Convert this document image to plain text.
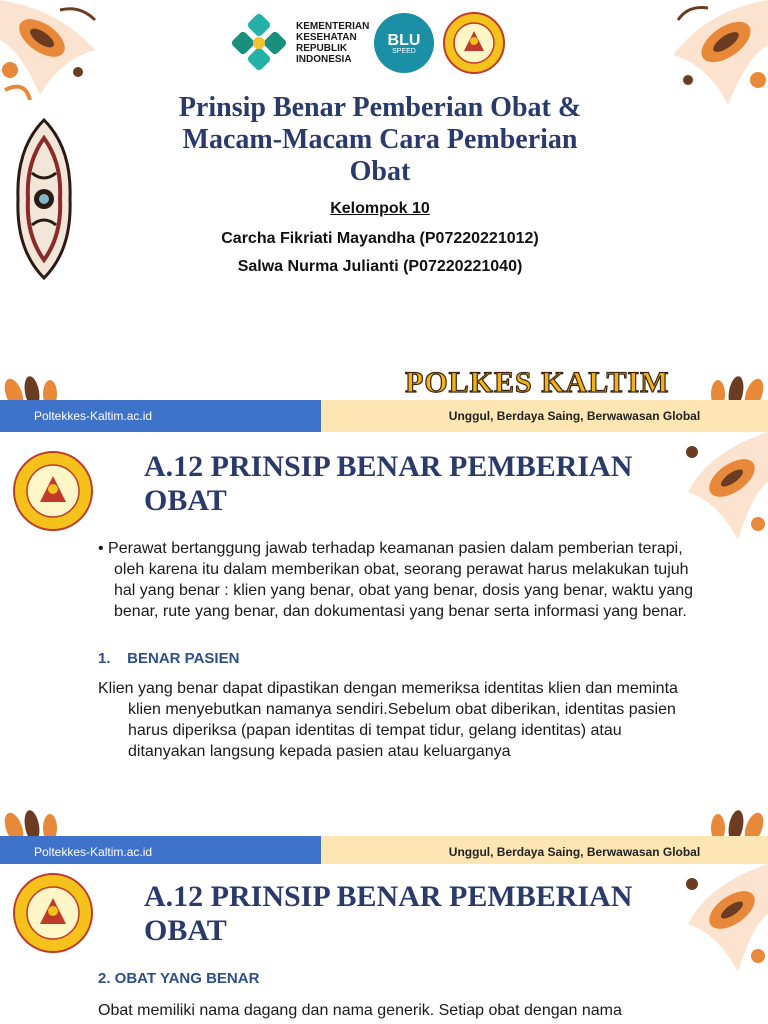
KEMENTERIAN
KESEHATAN
REPUBLIK
INDONESIA
BLU
SPEED
Prinsip Benar Pemberian Obat &
Macam-Macam Cara Pemberian
Obat
Kelompok 10
Carcha Fikriati Mayandha (P07220221012)
Salwa Nurma Julianti (P07220221040)
POLKES KALTIM
Poltekkes-Kaltim.ac.id	Unggul, Berdaya Saing, Berwawasan Global
A.12 PRINSIP BENAR PEMBERIAN
OBAT

• Perawat bertanggung jawab terhadap keamanan pasien dalam pemberian terapi, oleh karena itu dalam memberikan obat, seorang perawat harus melakukan tujuh hal yang benar : klien yang benar, obat yang benar, dosis yang benar, waktu yang benar, rute yang benar, dan dokumentasi yang benar serta informasi yang benar.

1.    BENAR PASIEN

Klien yang benar dapat dipastikan dengan memeriksa identitas klien dan meminta klien menyebutkan namanya sendiri.Sebelum obat diberikan, identitas pasien harus diperiksa (papan identitas di tempat tidur, gelang identitas) atau ditanyakan langsung kepada pasien atau keluarganya

Poltekkes-Kaltim.ac.id	Unggul, Berdaya Saing, Berwawasan Global
A.12 PRINSIP BENAR PEMBERIAN
OBAT
2. OBAT YANG BENAR

Obat memiliki nama dagang dan nama generik. Setiap obat dengan nama
